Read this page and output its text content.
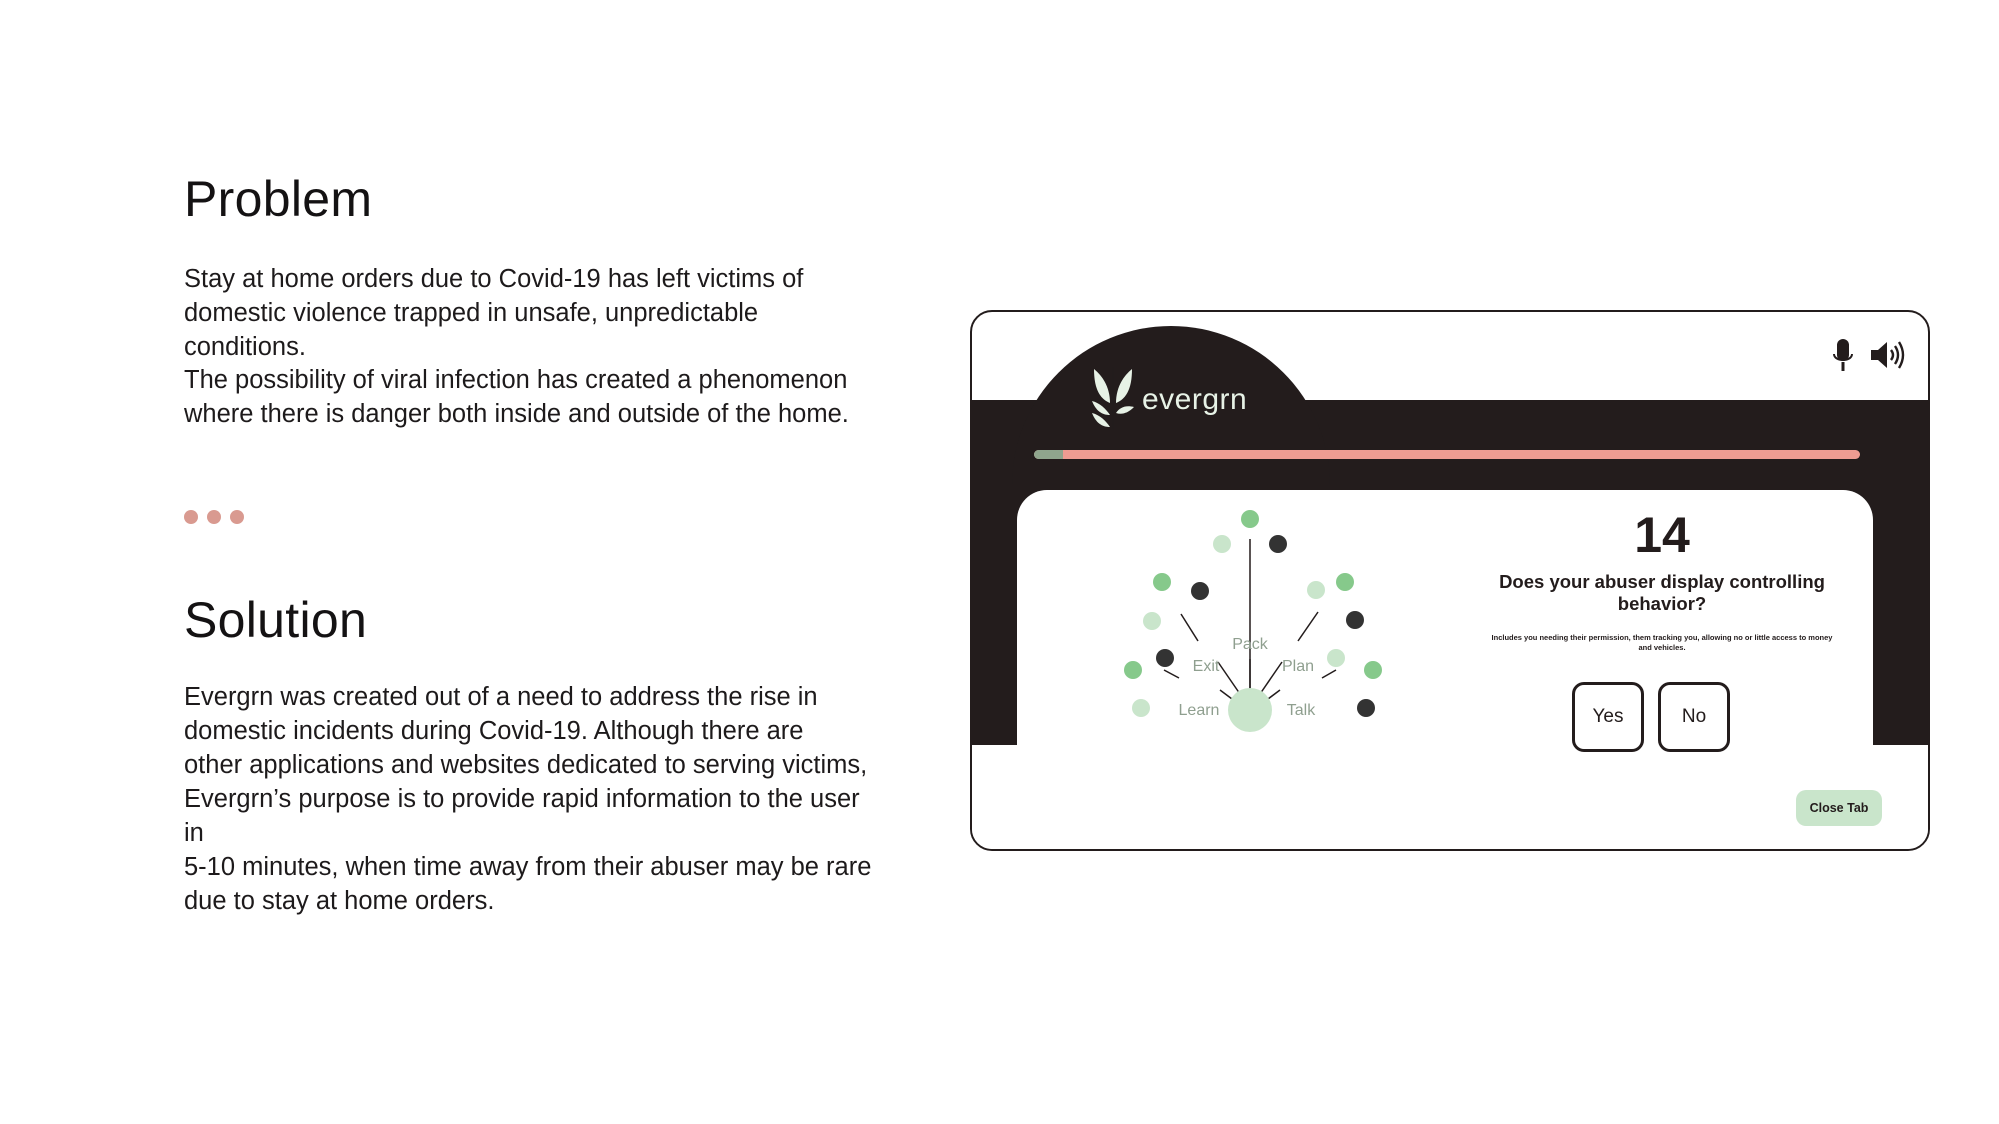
Problem
Stay at home orders due to Covid-19 has left victims of
domestic violence trapped in unsafe, unpredictable conditions.
The possibility of viral infection has created a phenomenon
where there is danger both inside and outside of the home.
Solution
Evergrn was created out of a need to address the rise in
domestic incidents during Covid-19. Although there are
other applications and websites dedicated to serving victims,
Evergrn’s purpose is to provide rapid information to the user in
5-10 minutes, when time away from their abuser may be rare
due to stay at home orders.
evergrn
Pack
Exit	Plan
Learn	Talk

14

Does your abuser display controlling behavior?

Includes you needing their permission, them tracking you, allowing no or little access to money and vehicles.

Yes	No
Close Tab
